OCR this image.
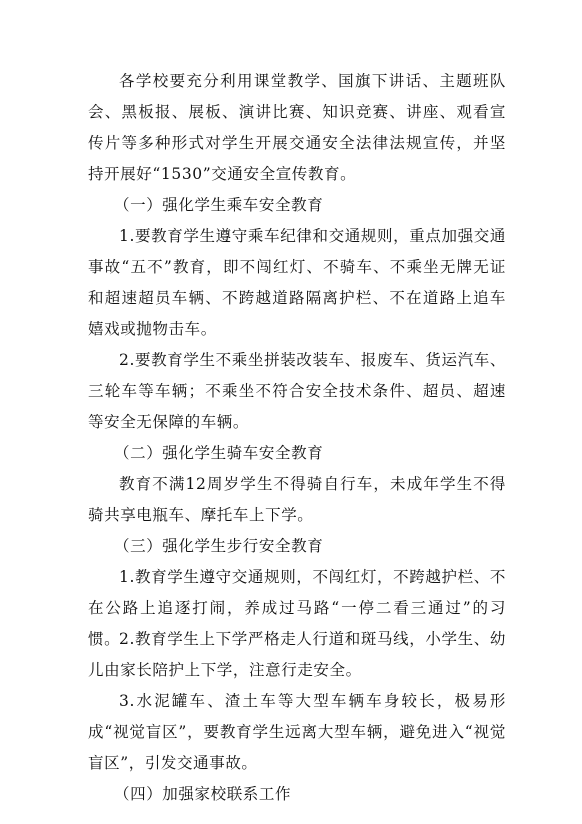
各学校要充分利用课堂教学、国旗下讲话、主题班队会、黑板报、展板、演讲比赛、知识竞赛、讲座、观看宣传片等多种形式对学生开展交通安全法律法规宣传，并坚持开展好“1530”交通安全宣传教育。

（一）强化学生乘车安全教育

1.要教育学生遵守乘车纪律和交通规则，重点加强交通事故“五不”教育，即不闯红灯、不骑车、不乘坐无牌无证和超速超员车辆、不跨越道路隔离护栏、不在道路上追车嬉戏或抛物击车。

2.要教育学生不乘坐拼装改装车、报废车、货运汽车、三轮车等车辆；不乘坐不符合安全技术条件、超员、超速等安全无保障的车辆。

（二）强化学生骑车安全教育

教育不满12周岁学生不得骑自行车，未成年学生不得骑共享电瓶车、摩托车上下学。

（三）强化学生步行安全教育

1.教育学生遵守交通规则，不闯红灯，不跨越护栏、不在公路上追逐打闹，养成过马路“一停二看三通过”的习惯。

2.教育学生上下学严格走人行道和斑马线，小学生、幼儿由家长陪护上下学，注意行走安全。

3.水泥罐车、渣土车等大型车辆车身较长，极易形成“视觉盲区”，要教育学生远离大型车辆，避免进入“视觉盲区”，引发交通事故。

（四）加强家校联系工作
